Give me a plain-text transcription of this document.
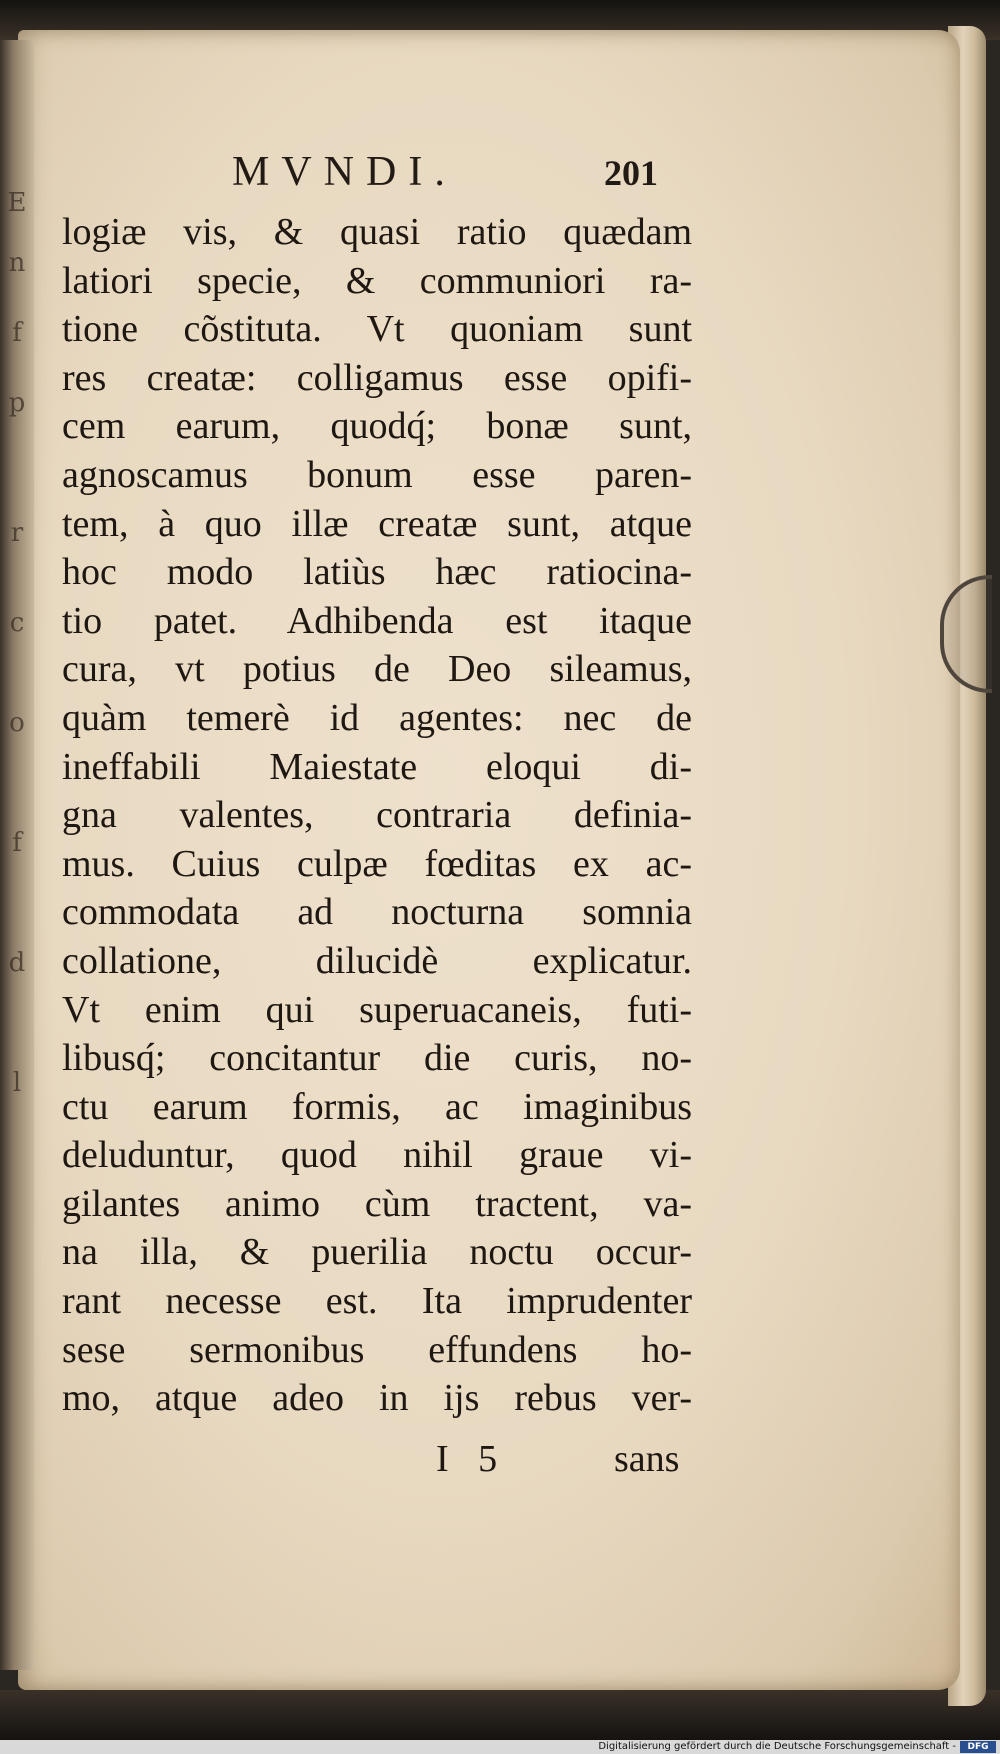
E
n
f
p
r
c
o
f
d
l
MVNDI.	201
logiæ vis, & quasi ratio quædam
latiori specie, & communiori ra-
tione cõstituta. Vt quoniam sunt
res creatæ: colligamus esse opifi-
cem earum, quodq́; bonæ sunt,
agnoscamus bonum esse paren-
tem, à quo illæ creatæ sunt, atque
hoc modo latiùs hæc ratiocina-
tio patet. Adhibenda est itaque
cura, vt potius de Deo sileamus,
quàm temerè id agentes: nec de
ineffabili Maiestate eloqui di-
gna valentes, contraria definia-
mus. Cuius culpæ fœditas ex ac-
commodata ad nocturna somnia
collatione, dilucidè explicatur.
Vt enim qui superuacaneis, futi-
libusq́; concitantur die curis, no-
ctu earum formis, ac imaginibus
deluduntur, quod nihil graue vi-
gilantes animo cùm tractent, va-
na illa, & puerilia noctu occur-
rant necesse est. Ita imprudenter
sese sermonibus effundens ho-
mo, atque adeo in ijs rebus ver-
I 5	sans
Digitalisierung gefördert durch die Deutsche Forschungsgemeinschaft -	DFG
